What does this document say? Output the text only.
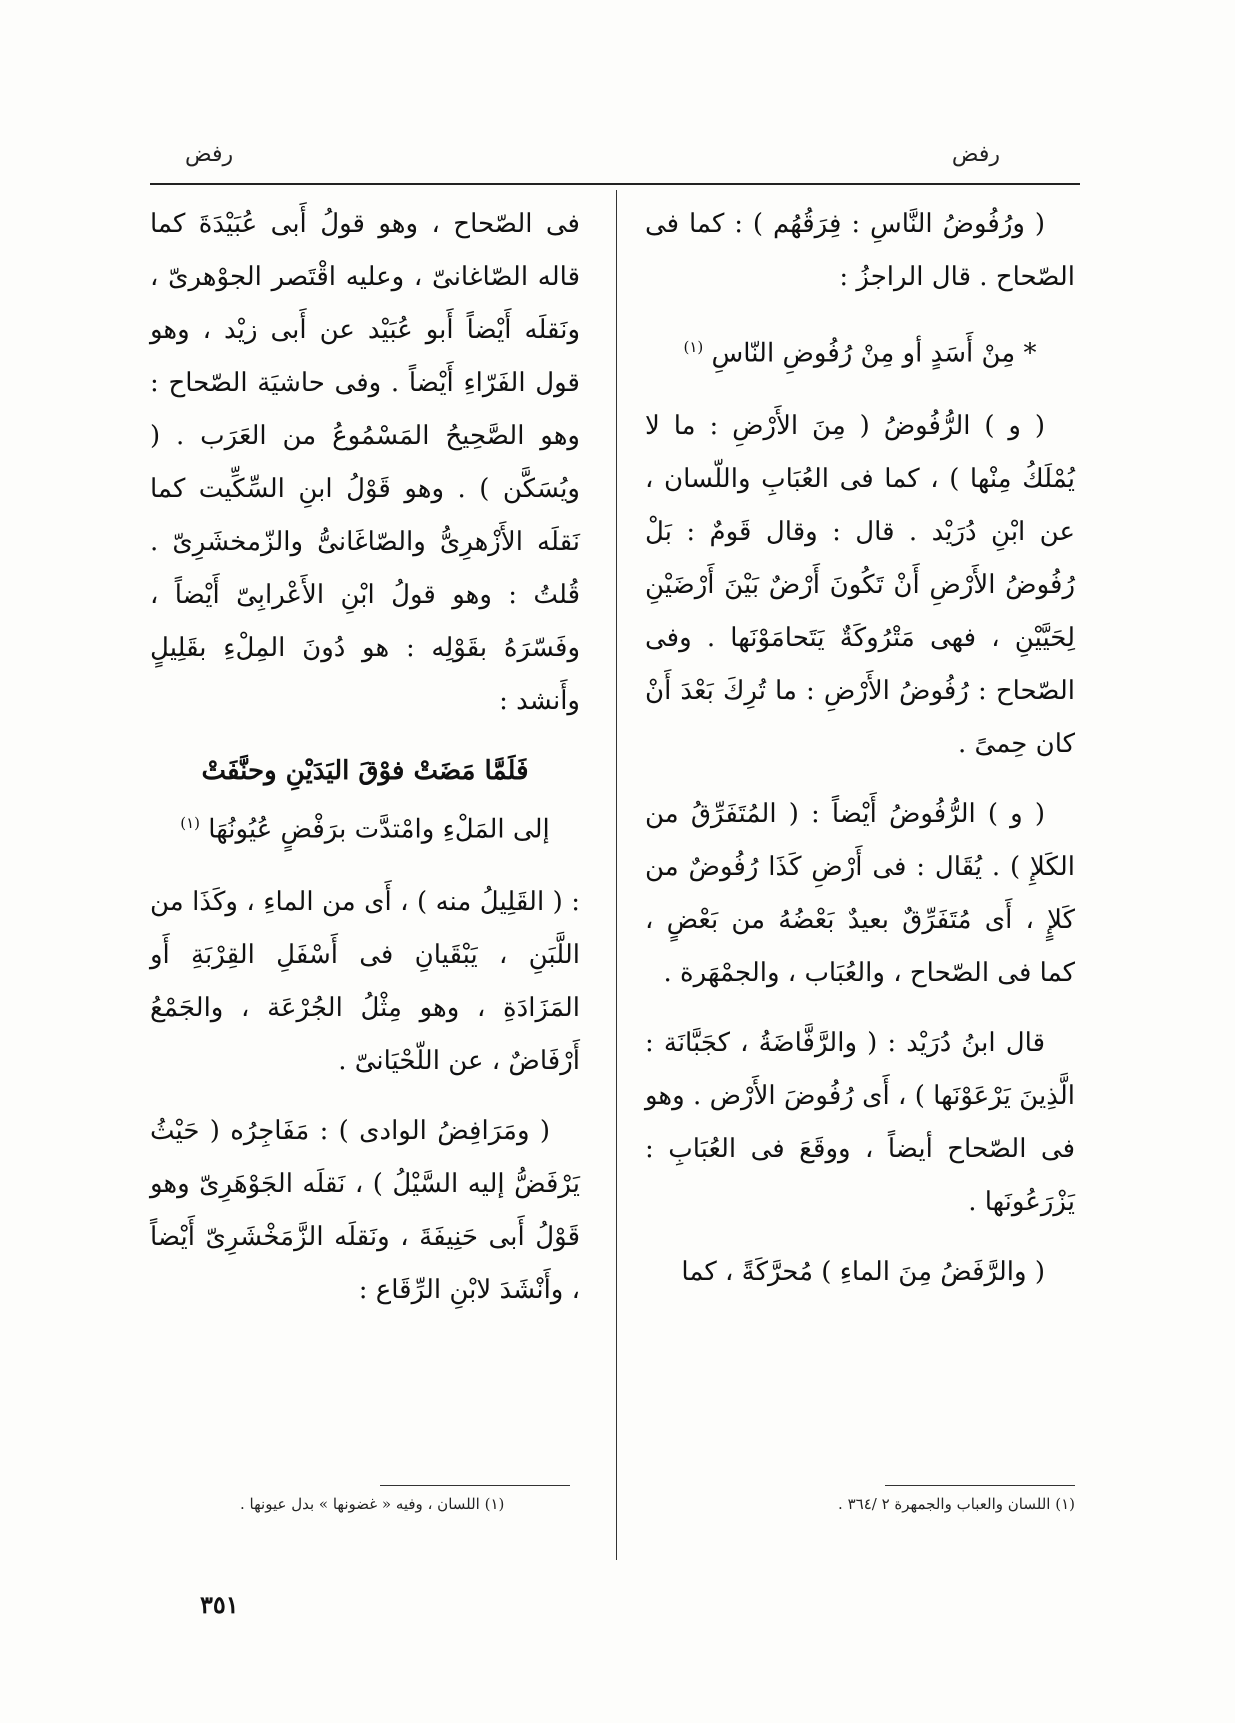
رفض
رفض

( ورُفُوضُ النَّاسِ : فِرَقُهُم ) : كما فى الصّحاح . قال الراجزُ :

* مِنْ أَسَدٍ أو مِنْ رُفُوضِ النّاسِ $^{(١)}$

( و ) الرُّفُوضُ ( مِنَ الأَرْضِ : ما لا يُمْلَكُ مِنْها ) ، كما فى العُبَابِ واللّسان ، عن ابْنِ دُرَيْد . قال : وقال قَومٌ : بَلْ رُفُوضُ الأَرْضِ أَنْ تَكُونَ أَرْضٌ بَيْنَ أَرْضَيْنِ لِحَيَّيْنِ ، فهى مَتْرُوكَةٌ يَتَحامَوْنَها . وفى الصّحاح : رُفُوضُ الأَرْضِ : ما تُرِكَ بَعْدَ أَنْ كان حِمىً .

( و ) الرُّفُوضُ أَيْضاً : ( المُتَفَرِّقُ من الكَلإِ ) . يُقَال : فى أَرْضِ كَذَا رُفُوضٌ من كَلإٍ ، أَى مُتَفَرِّقٌ بعيدٌ بَعْضُهُ من بَعْضٍ ، كما فى الصّحاح ، والعُبَاب ، والجمْهَرة .

قال ابنُ دُرَيْد : ( والرَّفَّاضَةُ ، كجَبَّانَة : الَّذِينَ يَرْعَوْنَها ) ، أَى رُفُوضَ الأَرْض . وهو فى الصّحاح أيضاً ، ووقَعَ فى العُبَابِ : يَزْرَعُونَها .

( والرَّفَضُ مِنَ الماءِ ) مُحرَّكَةً ، كما

فى الصّحاح ، وهو قولُ أَبى عُبَيْدَةَ كما قاله الصّاغانىّ ، وعليه اقْتَصر الجوْهرىّ ، ونَقلَه أَيْضاً أَبو عُبَيْد عن أَبى زيْد ، وهو قول الفَرّاءِ أَيْضاً . وفى حاشيَة الصّحاح : وهو الصَّحِيحُ المَسْمُوعُ من العَرَب . ( ويُسَكَّن ) . وهو قَوْلُ ابنِ السِّكِّيت كما نَقلَه الأَزْهرِىُّ والصّاغَانىُّ والزّمخشَرِىّ . قُلتُ : وهو قولُ ابْنِ الأَعْرابِىّ أَيْضاً ، وفَسّرَهُ بقَوْلِه : هو دُونَ المِلْءِ بقَلِيلٍ وأَنشد :

فَلَمَّا مَضَتْ فوْقَ اليَدَيْنِ وحنَّفَتْ
إلى المَلْءِ وامْتدَّت برَفْضٍ عُيُونُهَا $^{(١)}$

: ( القَلِيلُ منه ) ، أَى من الماءِ ، وكَذَا من اللَّبَنِ ، يَبْقَيانِ فى أَسْفَلِ القِرْبَةِ أَو المَزَادَةِ ، وهو مِثْلُ الجُرْعَة ، والجَمْعُ أَرْفَاضٌ ، عن اللّحْيَانىّ .

( ومَرَافِضُ الوادى ) : مَفَاجِرُه ( حَيْثُ يَرْفَضُّ إليه السَّيْلُ ) ، نَقلَه الجَوْهَرِىّ وهو قَوْلُ أَبى حَنِيفَةَ ، ونَقلَه الزَّمَخْشَرِىّ أَيْضاً ، وأَنْشَدَ لابْنِ الرِّقَاع :

(١) اللسان والعباب والجمهرة ٢ /٣٦٤ .
(١) اللسان ، وفيه « غضونها » بدل عيونها .
٣٥١
